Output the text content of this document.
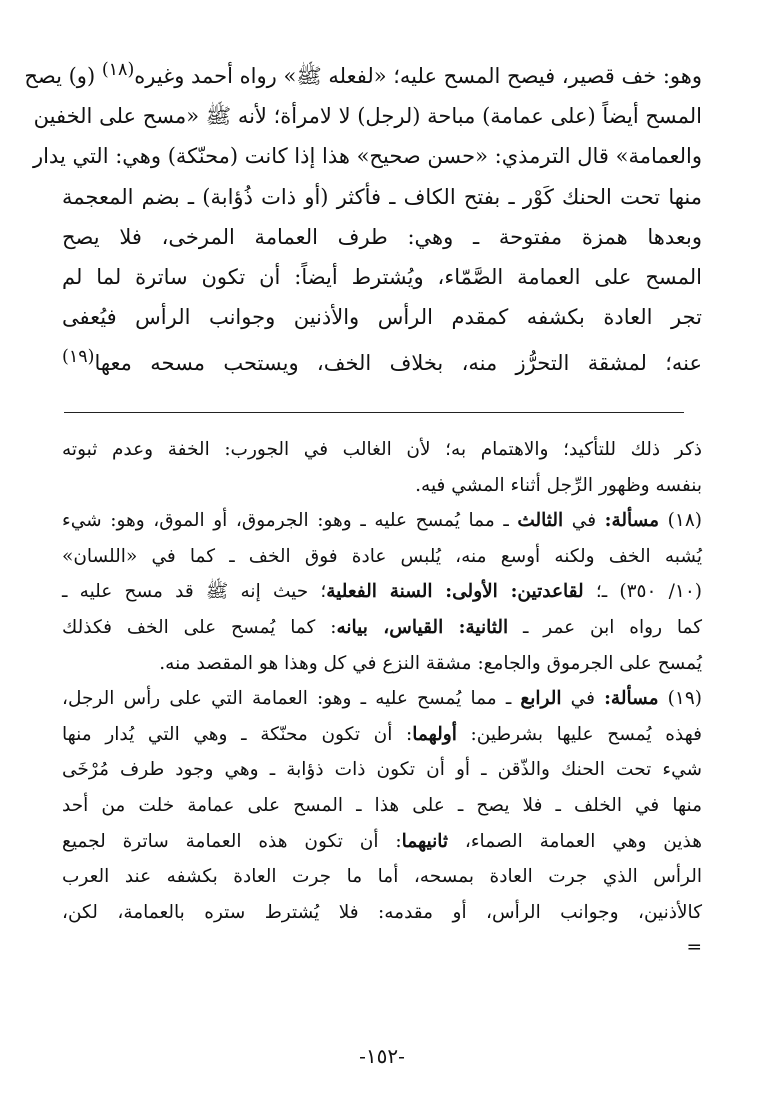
وهو: خف قصير، فيصح المسح عليه؛ «لفعله ﷺ» رواه أحمد وغيره$^{(١٨)}$ (و) يصح
المسح أيضاً (على عمامة) مباحة (لرجل) لا لامرأة؛ لأنه ﷺ «مسح على الخفين
والعمامة» قال الترمذي: «حسن صحيح» هذا إذا كانت (محنّكة) وهي: التي يدار
منها تحت الحنك كَوْر ـ بفتح الكاف ـ فأكثر (أو ذات ذُؤابة) ـ بضم المعجمة
وبعدها همزة مفتوحة ـ وهي: طرف العمامة المرخى، فلا يصح
المسح على العمامة الصَّمّاء، ويُشترط أيضاً: أن تكون ساترة لما لم
تجر العادة بكشفه كمقدم الرأس والأذنين وجوانب الرأس فيُعفى
عنه؛ لمشقة التحرُّز منه، بخلاف الخف، ويستحب مسحه معها$^{(١٩)}$
ذكر ذلك للتأكيد؛ والاهتمام به؛ لأن الغالب في الجورب: الخفة وعدم ثبوته
بنفسه وظهور الرِّجل أثناء المشي فيه.
(١٨) مسألة: في الثالث ـ مما يُمسح عليه ـ وهو: الجرموق، أو الموق، وهو: شيء
يُشبه الخف ولكنه أوسع منه، يُلبس عادة فوق الخف ـ كما في «اللسان»
(١٠/ ٣٥٠) ـ؛ لقاعدتين: الأولى: السنة الفعلية؛ حيث إنه ﷺ قد مسح عليه ـ
كما رواه ابن عمر ـ الثانية: القياس، بيانه: كما يُمسح على الخف فكذلك
يُمسح على الجرموق والجامع: مشقة النزع في كل وهذا هو المقصد منه.
(١٩) مسألة: في الرابع ـ مما يُمسح عليه ـ وهو: العمامة التي على رأس الرجل،
فهذه يُمسح عليها بشرطين: أولهما: أن تكون محنّكة ـ وهي التي يُدار منها
شيء تحت الحنك والذّقن ـ أو أن تكون ذات ذؤابة ـ وهي وجود طرف مُرْخَى
منها في الخلف ـ فلا يصح ـ على هذا ـ المسح على عمامة خلت من أحد
هذين وهي العمامة الصماء، ثانيهما: أن تكون هذه العمامة ساترة لجميع
الرأس الذي جرت العادة بمسحه، أما ما جرت العادة بكشفه عند العرب
كالأذنين، وجوانب الرأس، أو مقدمه: فلا يُشترط ستره بالعمامة، لكن،
=
-١٥٢-
